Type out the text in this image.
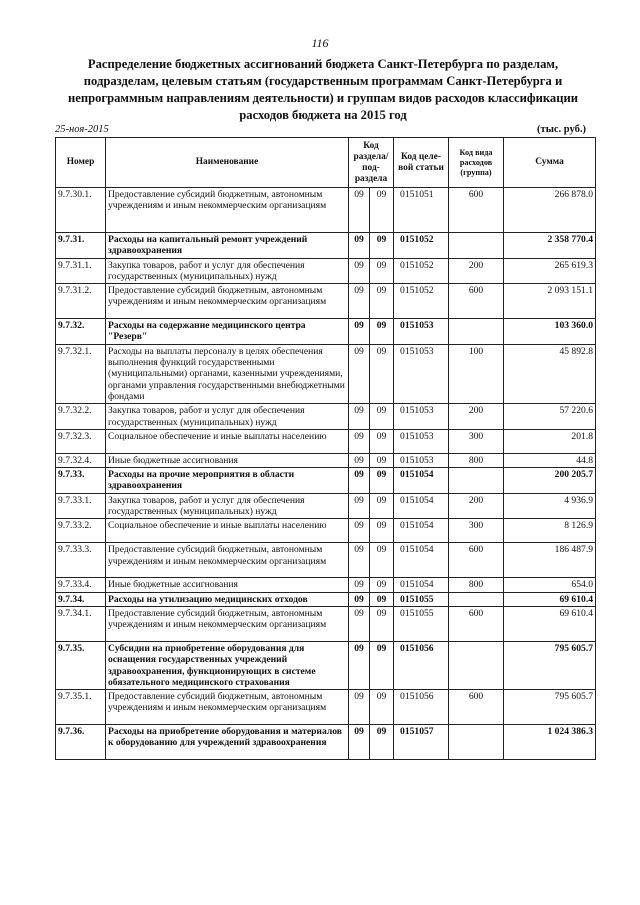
116
Распределение бюджетных ассигнований бюджета Санкт-Петербурга по разделам,
подразделам, целевым статьям (государственным программам Санкт-Петербурга и
непрограммным направлениям деятельности) и группам видов расходов классификации
расходов бюджета на 2015 год
25-ноя-2015	(тыс. руб.)
Номер	Наименование	Код раздела/ под-раздела		Код целе-вой статьи	Код вида расходов (группа)	Сумма
9.7.30.1.	Предоставление субсидий бюджетным, автономным учреждениям и иным некоммерческим организациям	09	09	0151051	600	266 878.0
9.7.31.	Расходы на капитальный ремонт учреждений здравоохранения	09	09	0151052		2 358 770.4
9.7.31.1.	Закупка товаров, работ и услуг для обеспечения государственных (муниципальных) нужд	09	09	0151052	200	265 619.3
9.7.31.2.	Предоставление субсидий бюджетным, автономным учреждениям и иным некоммерческим организациям	09	09	0151052	600	2 093 151.1
9.7.32.	Расходы на содержание медицинского центра "Резерв"	09	09	0151053		103 360.0
9.7.32.1.	Расходы на выплаты персоналу в целях обеспечения выполнения функций государственными (муниципальными) органами, казенными учреждениями, органами управления государственными внебюджетными фондами	09	09	0151053	100	45 892.8
9.7.32.2.	Закупка товаров, работ и услуг для обеспечения государственных (муниципальных) нужд	09	09	0151053	200	57 220.6
9.7.32.3.	Социальное обеспечение и иные выплаты населению	09	09	0151053	300	201.8
9.7.32.4.	Иные бюджетные ассигнования	09	09	0151053	800	44.8
9.7.33.	Расходы на прочие мероприятия в области здравоохранения	09	09	0151054		200 205.7
9.7.33.1.	Закупка товаров, работ и услуг для обеспечения государственных (муниципальных) нужд	09	09	0151054	200	4 936.9
9.7.33.2.	Социальное обеспечение и иные выплаты населению	09	09	0151054	300	8 126.9
9.7.33.3.	Предоставление субсидий бюджетным, автономным учреждениям и иным некоммерческим организациям	09	09	0151054	600	186 487.9
9.7.33.4.	Иные бюджетные ассигнования	09	09	0151054	800	654.0
9.7.34.	Расходы на утилизацию медицинских отходов	09	09	0151055		69 610.4
9.7.34.1.	Предоставление субсидий бюджетным, автономным учреждениям и иным некоммерческим организациям	09	09	0151055	600	69 610.4
9.7.35.	Субсидии на приобретение оборудования для оснащения государственных учреждений здравоохранения, функционирующих в системе обязательного медицинского страхования	09	09	0151056		795 605.7
9.7.35.1.	Предоставление субсидий бюджетным, автономным учреждениям и иным некоммерческим организациям	09	09	0151056	600	795 605.7
9.7.36.	Расходы на приобретение оборудования и материалов к оборудованию для учреждений здравоохранения	09	09	0151057		1 024 386.3
